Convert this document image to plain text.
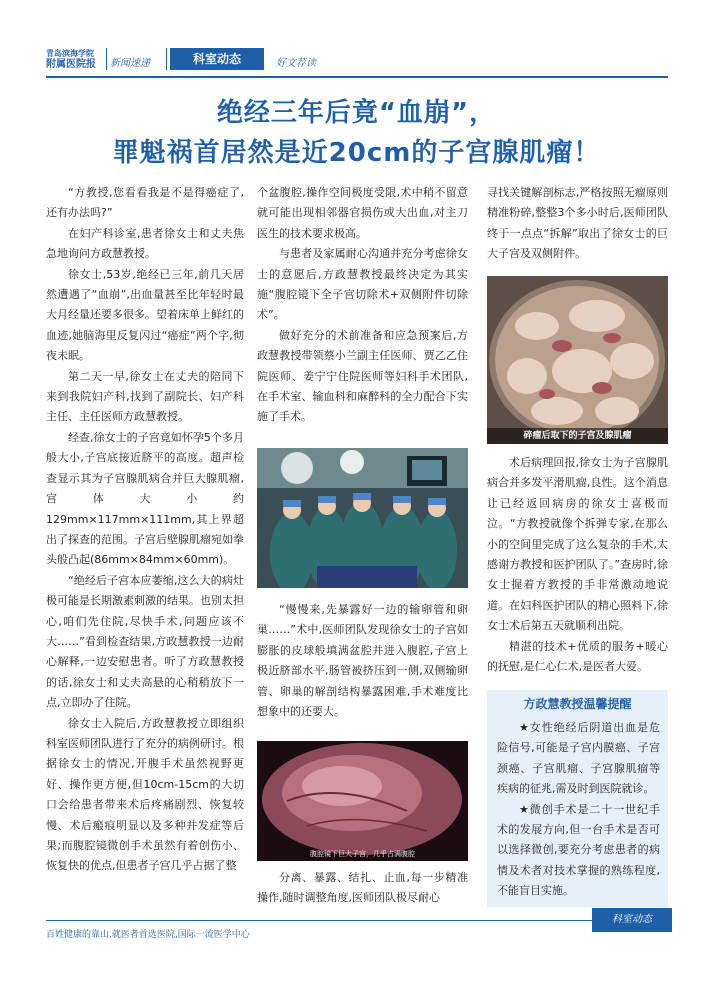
青岛滨海学院
附属医院报	新闻速递	科室动态	好文荐读
绝经三年后竟“血崩”，
罪魁祸首居然是近20cm的子宫腺肌瘤！

“方教授,您看看我是不是得癌症了,还有办法吗?”

在妇产科诊室,患者徐女士和丈夫焦急地询问方政慧教授。

徐女士,53岁,绝经已三年,前几天居然遭遇了“血崩”,出血量甚至比年轻时最大月经量还要多很多。望着床单上鲜红的血迹,她脑海里反复闪过“癌症”两个字,彻夜未眠。

第二天一早,徐女士在丈夫的陪同下来到我院妇产科,找到了副院长、妇产科主任、主任医师方政慧教授。

经查,徐女士的子宫竟如怀孕5个多月般大小,子宫底接近脐平的高度。超声检查显示其为子宫腺肌病合并巨大腺肌瘤,宫体大小约129mm×117mm×111mm,其上界超出了探查的范围。子宫后壁腺肌瘤宛如拳头般凸起(86mm×84mm×60mm)。

“绝经后子宫本应萎缩,这么大的病灶极可能是长期激素刺激的结果。也别太担心,咱们先住院,尽快手术,问题应该不大……”看到检查结果,方政慧教授一边耐心解释,一边安慰患者。听了方政慧教授的话,徐女士和丈夫高悬的心稍稍放下一点,立即办了住院。

徐女士入院后,方政慧教授立即组织科室医师团队进行了充分的病例研讨。根据徐女士的情况,开腹手术虽然视野更好、操作更方便,但10cm-15cm的大切口会给患者带来术后疼痛剧烈、恢复较慢、术后瘢痕明显以及多种并发症等后果;而腹腔镜微创手术虽然有着创伤小、恢复快的优点,但患者子宫几乎占据了整

个盆腹腔,操作空间极度受限,术中稍不留意就可能出现相邻器官损伤或大出血,对主刀医生的技术要求极高。

与患者及家属耐心沟通并充分考虑徐女士的意愿后,方政慧教授最终决定为其实施“腹腔镜下全子宫切除术+双侧附件切除术”。

做好充分的术前准备和应急预案后,方政慧教授带领蔡小兰副主任医师、贾乙乙住院医师、姜宁宁住院医师等妇科手术团队,在手术室、输血科和麻醉科的全力配合下实施了手术。

“慢慢来,先暴露好一边的输卵管和卵巢……”术中,医师团队发现徐女士的子宫如膨胀的皮球般填满盆腔并进入腹腔,子宫上极近脐部水平,肠管被挤压到一侧,双侧输卵管、卵巢的解剖结构暴露困难,手术难度比想象中的还要大。

腹腔镜下巨大子宫，几乎占满腹腔

分离、暴露、结扎、止血,每一步精准操作,随时调整角度,医师团队极尽耐心

寻找关键解剖标志,严格按照无瘤原则精准粉碎,整整3个多小时后,医师团队终于一点点“拆解”取出了徐女士的巨大子宫及双侧附件。

碎瘤后取下的子宫及腺肌瘤

术后病理回报,徐女士为子宫腺肌病合并多发平滑肌瘤,良性。这个消息让已经返回病房的徐女士喜极而泣。“方教授就像个拆弹专家,在那么小的空间里完成了这么复杂的手术,太感谢方教授和医护团队了。”查房时,徐女士握着方教授的手非常激动地说道。在妇科医护团队的精心照料下,徐女士术后第五天就顺利出院。

精湛的技术+优质的服务+暖心的抚慰,是仁心仁术,是医者大爱。

方政慧教授温馨提醒

★女性绝经后阴道出血是危险信号,可能是子宫内膜癌、子宫颈癌、子宫肌瘤、子宫腺肌瘤等疾病的征兆,需及时到医院就诊。

★微创手术是二十一世纪手术的发展方向,但一台手术是否可以选择微创,要充分考虑患者的病情及术者对技术掌握的熟练程度,不能盲目实施。

科室动态
百姓健康的靠山,就医者首选医院,国际一流医学中心
